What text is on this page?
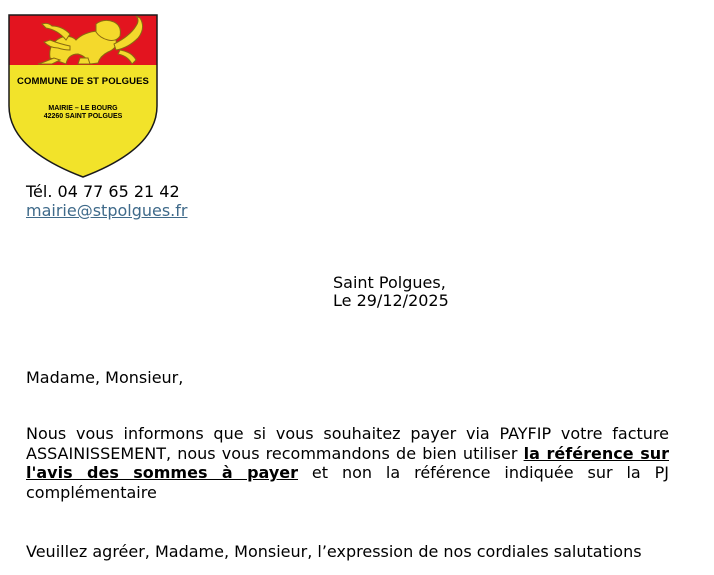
COMMUNE DE ST POLGUES
MAIRIE – LE BOURG
42260 SAINT POLGUES
Tél. 04 77 65 21 42
mairie@stpolgues.fr
Saint Polgues,
Le 29/12/2025
Madame, Monsieur,
Nous vous informons que si vous souhaitez payer via PAYFIP votre facture ASSAINISSEMENT, nous vous recommandons de bien utiliser la référence sur l'avis des sommes à payer et non la référence indiquée sur la PJ complémentaire
Veuillez agréer, Madame, Monsieur, l’expression de nos cordiales salutations
